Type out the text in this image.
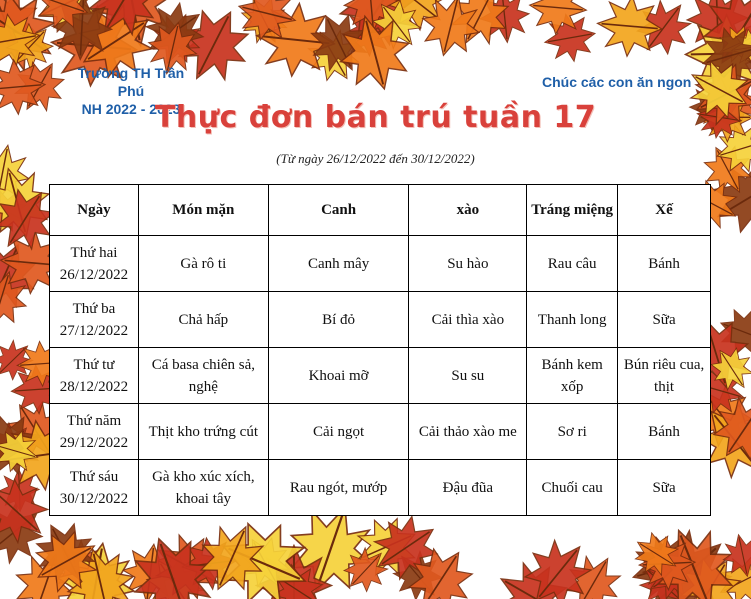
Trường TH Trần Phú
NH 2022 - 2023
Chúc các con ăn ngon
Thực đơn bán trú tuần 17
(Từ ngày 26/12/2022 đến 30/12/2022)
Ngày	Món mặn	Canh	xào	Tráng miệng	Xế

Thứ hai
26/12/2022	Gà rô ti	Canh mây	Su hào	Rau câu	Bánh

Thứ ba
27/12/2022	Chả hấp	Bí đỏ	Cải thìa xào	Thanh long	Sữa

Thứ tư
28/12/2022	Cá basa chiên sả, nghệ	Khoai mỡ	Su su	Bánh kem xốp	Bún riêu cua, thịt

Thứ năm
29/12/2022	Thịt kho trứng cút	Cải ngọt	Cải thảo xào me	Sơ ri	Bánh

Thứ sáu
30/12/2022	Gà kho xúc xích, khoai tây	Rau ngót, mướp	Đậu đũa	Chuối cau	Sữa
